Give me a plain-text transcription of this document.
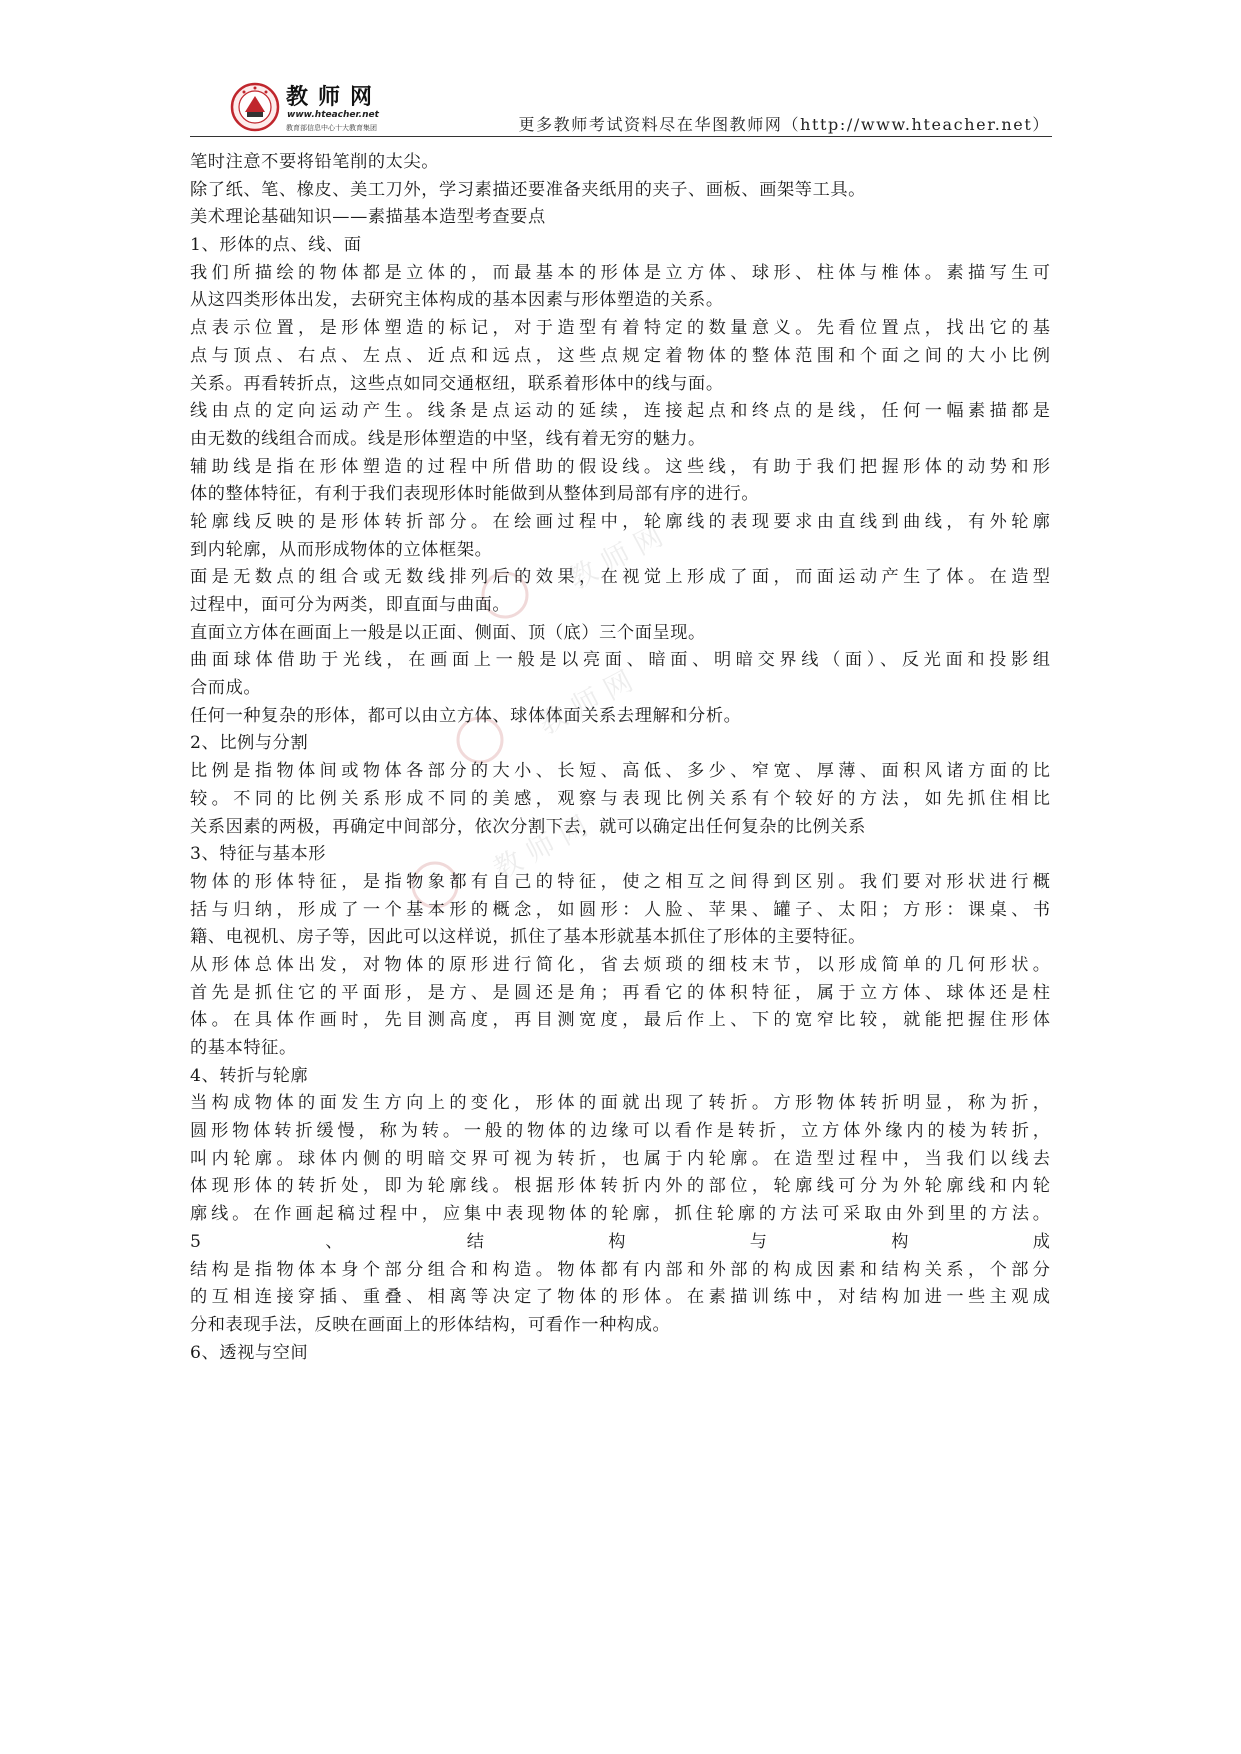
教师网
www.hteacher.net
教育部信息中心十大教育集团	更多教师考试资料尽在华图教师网（http://www.hteacher.net）
教 师 网
教 师 网
教 师 网
笔时注意不要将铅笔削的太尖。
除了纸、笔、橡皮、美工刀外，学习素描还要准备夹纸用的夹子、画板、画架等工具。
美术理论基础知识——素描基本造型考查要点
1、形体的点、线、面
我们所描绘的物体都是立体的，而最基本的形体是立方体、球形、柱体与椎体。素描写生可
从这四类形体出发，去研究主体构成的基本因素与形体塑造的关系。
点表示位置，是形体塑造的标记，对于造型有着特定的数量意义。先看位置点，找出它的基
点与顶点、右点、左点、近点和远点，这些点规定着物体的整体范围和个面之间的大小比例
关系。再看转折点，这些点如同交通枢纽，联系着形体中的线与面。
线由点的定向运动产生。线条是点运动的延续，连接起点和终点的是线，任何一幅素描都是
由无数的线组合而成。线是形体塑造的中坚，线有着无穷的魅力。
辅助线是指在形体塑造的过程中所借助的假设线。这些线，有助于我们把握形体的动势和形
体的整体特征，有利于我们表现形体时能做到从整体到局部有序的进行。
轮廓线反映的是形体转折部分。在绘画过程中，轮廓线的表现要求由直线到曲线，有外轮廓
到内轮廓，从而形成物体的立体框架。
面是无数点的组合或无数线排列后的效果，在视觉上形成了面，而面运动产生了体。在造型
过程中，面可分为两类，即直面与曲面。
直面立方体在画面上一般是以正面、侧面、顶（底）三个面呈现。
曲面球体借助于光线，在画面上一般是以亮面、暗面、明暗交界线（面）、反光面和投影组
合而成。
任何一种复杂的形体，都可以由立方体、球体体面关系去理解和分析。
2、比例与分割
比例是指物体间或物体各部分的大小、长短、高低、多少、窄宽、厚薄、面积风诸方面的比
较。不同的比例关系形成不同的美感，观察与表现比例关系有个较好的方法，如先抓住相比
关系因素的两极，再确定中间部分，依次分割下去，就可以确定出任何复杂的比例关系
3、特征与基本形
物体的形体特征，是指物象都有自己的特征，使之相互之间得到区别。我们要对形状进行概
括与归纳，形成了一个基本形的概念，如圆形：人脸、苹果、罐子、太阳；方形：课桌、书
籍、电视机、房子等，因此可以这样说，抓住了基本形就基本抓住了形体的主要特征。
从形体总体出发，对物体的原形进行简化，省去烦琐的细枝末节，以形成简单的几何形状。
首先是抓住它的平面形，是方、是圆还是角；再看它的体积特征，属于立方体、球体还是柱
体。在具体作画时，先目测高度，再目测宽度，最后作上、下的宽窄比较，就能把握住形体
的基本特征。
4、转折与轮廓
当构成物体的面发生方向上的变化，形体的面就出现了转折。方形物体转折明显，称为折，
圆形物体转折缓慢，称为转。一般的物体的边缘可以看作是转折，立方体外缘内的棱为转折，
叫内轮廓。球体内侧的明暗交界可视为转折，也属于内轮廓。在造型过程中，当我们以线去
体现形体的转折处，即为轮廓线。根据形体转折内外的部位，轮廓线可分为外轮廓线和内轮
廓线。在作画起稿过程中，应集中表现物体的轮廓，抓住轮廓的方法可采取由外到里的方法。
5、结构与构成
结构是指物体本身个部分组合和构造。物体都有内部和外部的构成因素和结构关系，个部分
的互相连接穿插、重叠、相离等决定了物体的形体。在素描训练中，对结构加进一些主观成
分和表现手法，反映在画面上的形体结构，可看作一种构成。
6、透视与空间
